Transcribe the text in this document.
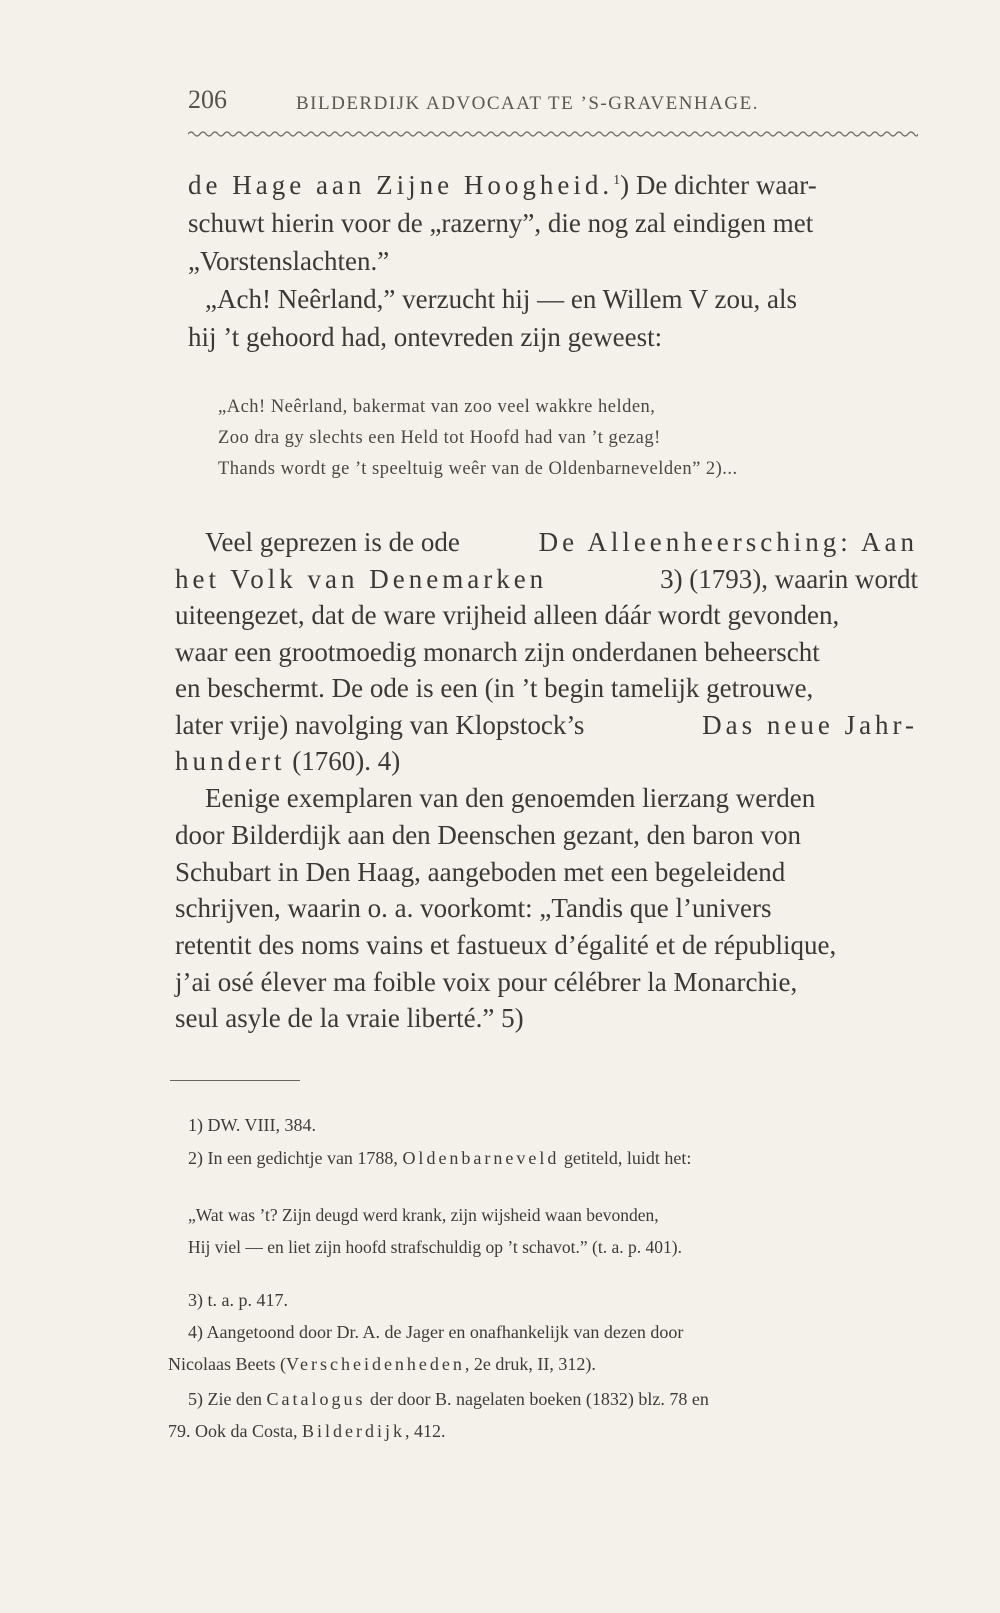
206	BILDERDIJK ADVOCAAT TE ’S-GRAVENHAGE.
de Hage aan Zijne Hoogheid.$^1$) De dichter waar-
schuwt hierin voor de „razerny”, die nog zal eindigen met
„Vorstenslachten.”
„Ach! Neêrland,” verzucht hij — en Willem V zou, als
hij ’t gehoord had, ontevreden zijn geweest:
„Ach! Neêrland, bakermat van zoo veel wakkre helden,
Zoo dra gy slechts een Held tot Hoofd had van ’t gezag!
Thands wordt ge ’t speeltuig weêr van de Oldenbarnevelden” 2)...
Veel geprezen is de ode	De Alleenheersching: Aan
het Volk van Denemarken	3) (1793), waarin wordt
uiteengezet, dat de ware vrijheid alleen dáár wordt gevonden,
waar een grootmoedig monarch zijn onderdanen beheerscht
en beschermt. De ode is een (in ’t begin tamelijk getrouwe,
later vrije) navolging van Klopstock’s	Das neue Jahr-
hundert (1760). 4)
Eenige exemplaren van den genoemden lierzang werden
door Bilderdijk aan den Deenschen gezant, den baron von
Schubart in Den Haag, aangeboden met een begeleidend
schrijven, waarin o. a. voorkomt: „Tandis que l’univers
retentit des noms vains et fastueux d’égalité et de république,
j’ai osé élever ma foible voix pour célébrer la Monarchie,
seul asyle de la vraie liberté.” 5)
1) DW. VIII, 384.
2) In een gedichtje van 1788, Oldenbarneveld getiteld, luidt het:
„Wat was ’t? Zijn deugd werd krank, zijn wijsheid waan bevonden,
Hij viel — en liet zijn hoofd strafschuldig op ’t schavot.” (t. a. p. 401).
3) t. a. p. 417.
4) Aangetoond door Dr. A. de Jager en onafhankelijk van dezen door
Nicolaas Beets (Verscheidenheden, 2e druk, II, 312).
5) Zie den Catalogus der door B. nagelaten boeken (1832) blz. 78 en
79. Ook da Costa, Bilderdijk, 412.
